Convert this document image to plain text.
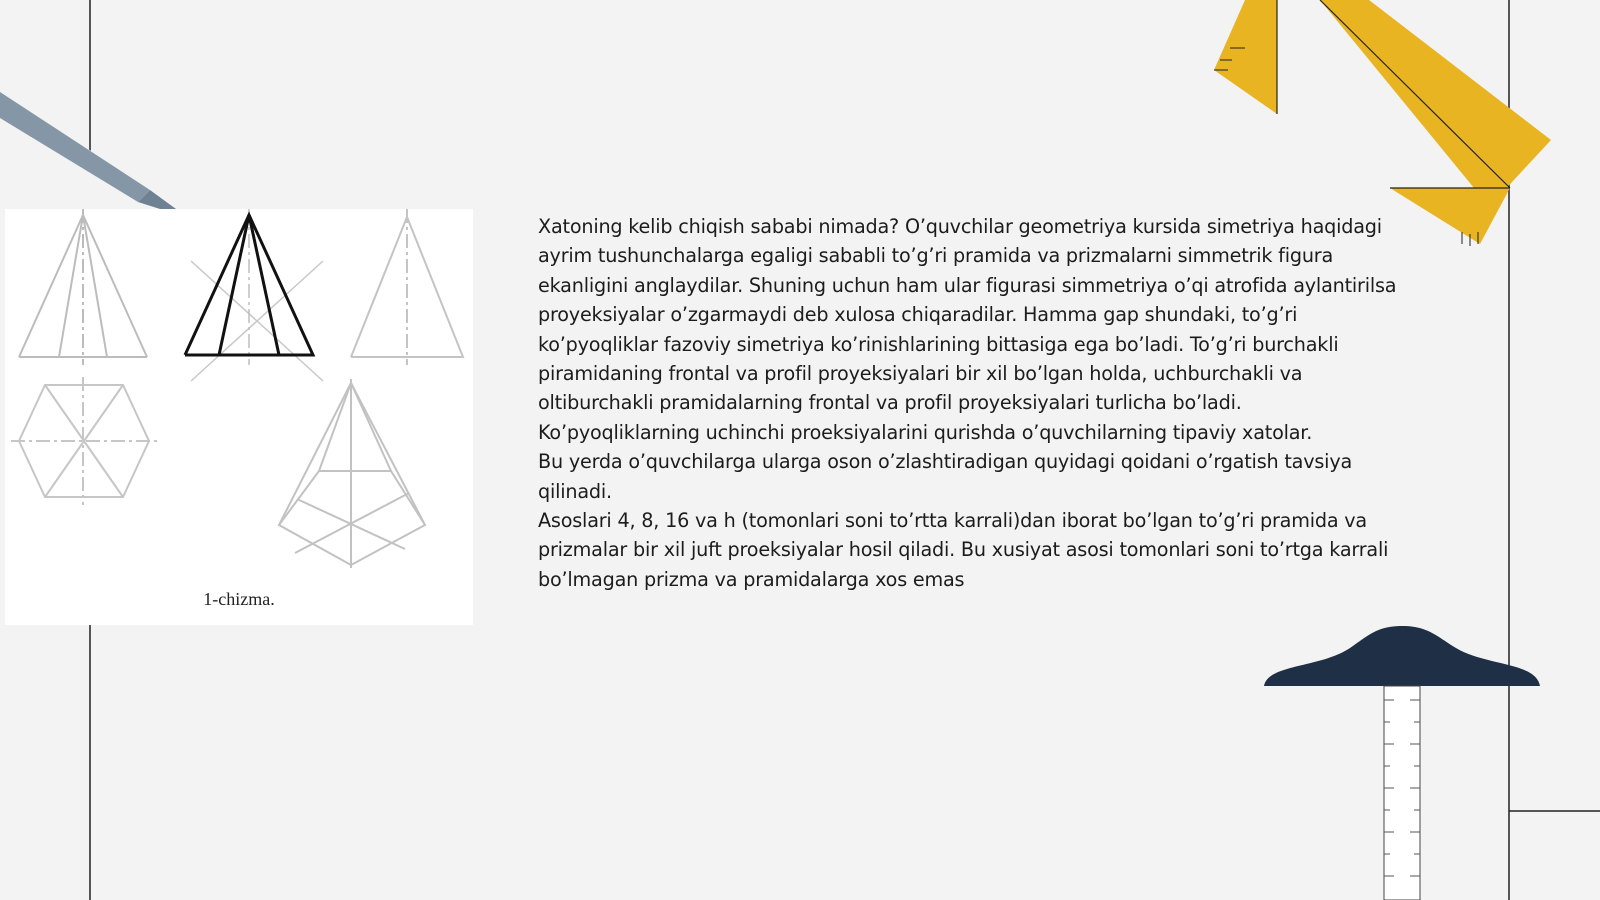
1-chizma.

Xatoning kelib chiqish sababi nimada? O’quvchilar geometriya kursida simetriya haqidagi ayrim tushunchalarga egaligi sababli to’g’ri pramida va prizmalarni simmetrik figura ekanligini anglaydilar. Shuning uchun ham ular figurasi simmetriya o’qi atrofida aylantirilsa proyeksiyalar o’zgarmaydi deb xulosa chiqaradilar. Hamma gap shundaki, to’g’ri ko’pyoqliklar fazoviy simetriya ko’rinishlarining bittasiga ega bo’ladi. To’g’ri burchakli piramidaning frontal va profil proyeksiyalari bir xil bo’lgan holda, uchburchakli va oltiburchakli pramidalarning frontal va profil proyeksiyalari turlicha bo’ladi. Ko’pyoqliklarning uchinchi proeksiyalarini qurishda o’quvchilarning tipaviy xatolar.

Bu yerda o’quvchilarga ularga oson o’zlashtiradigan quyidagi qoidani o’rgatish tavsiya qilinadi.

Asoslari 4, 8, 16 va h (tomonlari soni to’rtta karrali)dan iborat bo’lgan to’g’ri pramida va prizmalar bir xil juft proeksiyalar hosil qiladi. Bu xusiyat asosi tomonlari soni to’rtga karrali bo’lmagan prizma va pramidalarga xos emas
